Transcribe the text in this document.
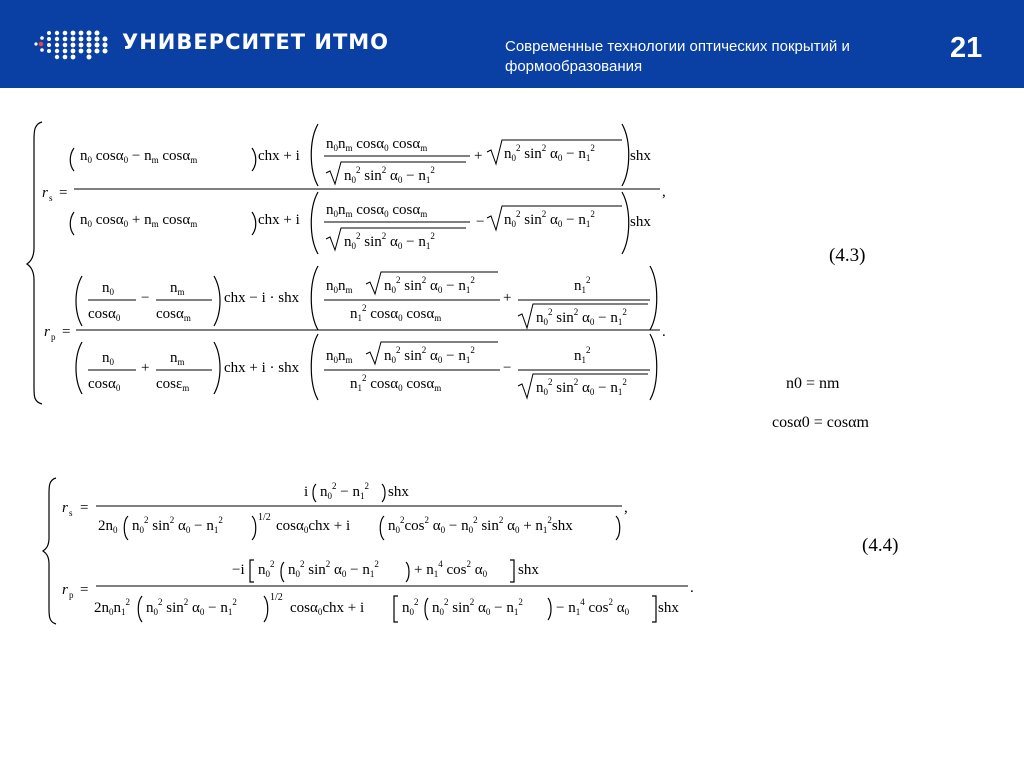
УНИВЕРСИТЕТ ИТМО	Современные технологии оптических покрытий и формообразования
21
r s =	,
$n_0$ $\cos\alpha_0 - n_m$ cosα$_m$	chx + i
$n_0n_m$ cosα$_0$ cosα$_m$
$n_0^2$ $\sin^2 \alpha_0 - n_1^2$
+ $n_0^2$ $\sin^2 \alpha_0 - n_1^2$ shx
$n_0$ $\cos\alpha_0 + n_m$ cosα$_m$	chx + i
$n_0n_m$ cosα$_0$ cosα$_m$
$n_0^2$ $\sin^2 \alpha_0 - n_1^2$
− $n_0^2$ $\sin^2 \alpha_0 - n_1^2$ shx
r p =	.
$n_0$
cosα$_0$
−
$n_m$
cosα$_m$
chx − i · shx
$n_0n_m$ $n_0^2$ $\sin^2 \alpha_0 - n_1^2$
$n_1^2$ cosα$_0$ cosα$_m$
+
$n_1^2$
$n_0^2$ $\sin^2 \alpha_0 - n_1^2$
$n_0$
cosα$_0$
+
$n_m$
cosε$_m$
chx + i · shx
$n_0n_m$ $n_0^2$ $\sin^2 \alpha_0 - n_1^2$
$n_1^2$ cosα$_0$ cosα$_m$
−
$n_1^2$
$n_0^2$ $\sin^2 \alpha_0 - n_1^2$
r s =
i $n_0^2 - n_1^2$ shx
,
$2n_0$ $n_0^2$ $\sin^2 \alpha_0 - n_1^2$	1/2
cosα$_0$chx + i	$n_0^2\cos^2$ $\alpha_0 - n_0^2$ $\sin^2 \alpha_0 + n_1^2shx$
r p =
−i $n_0^2$ $n_0^2$ $\sin^2 \alpha_0 - n_1^2 + n_1^4$ $\cos^2 \alpha_0$ shx
.
$2n_0n_1^2$ $n_0^2$ $\sin^2 \alpha_0 - n_1^2$	1/2
cosα$_0$chx + i	$n_0^2$ $n_0^2$ $\sin^2 \alpha_0 - n_1^2 - n_1^4$ $\cos^2 \alpha_0$ shx
(4.3)
(4.4)
n0 = nm
cosα0 = cosαm
